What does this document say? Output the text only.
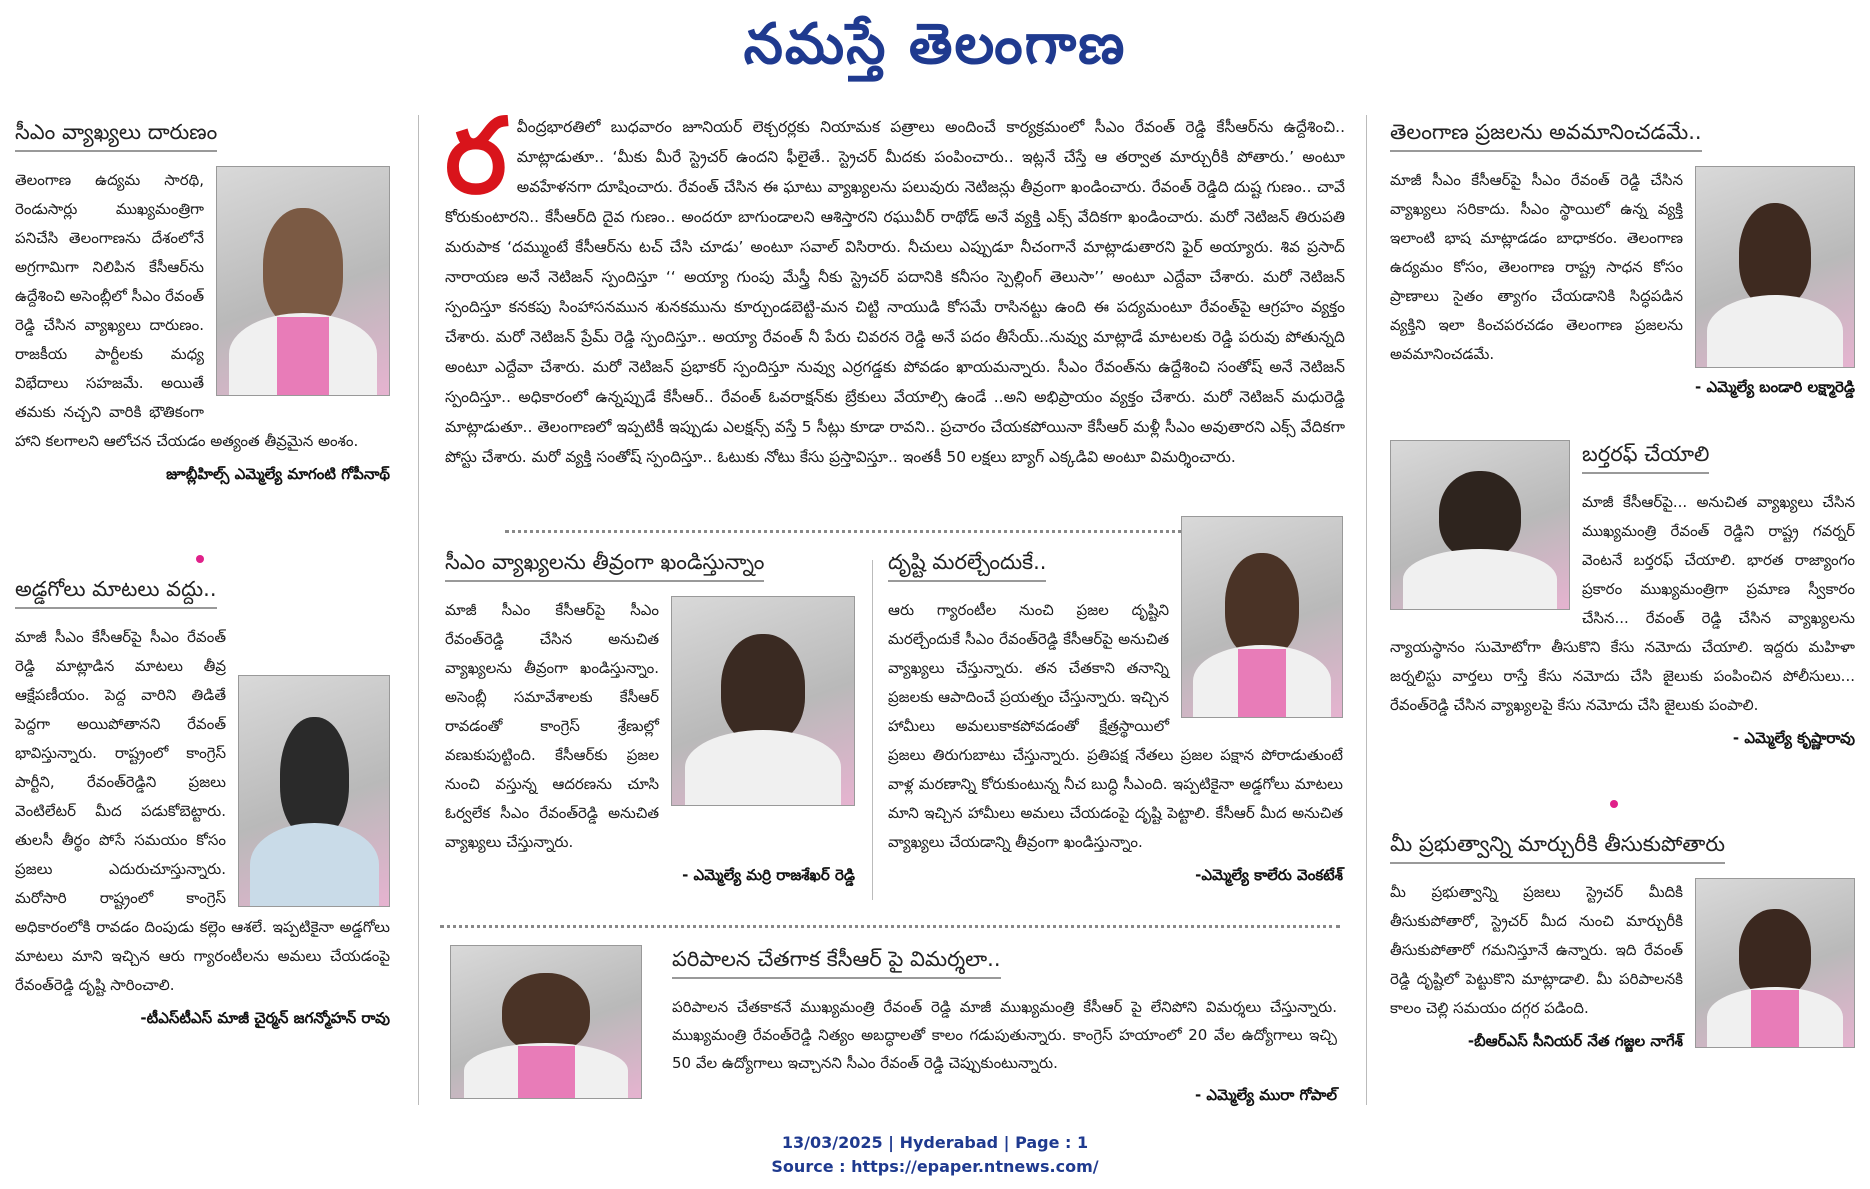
నమస్తే తెలంగాణ
సీఎం వ్యాఖ్యలు దారుణం
తెలంగాణ ఉద్యమ సారథి, రెండుసార్లు ముఖ్యమంత్రిగా పనిచేసి తెలంగాణను దేశంలోనే అగ్రగామిగా నిలిపిన కేసీఆర్‌ను ఉద్దేశించి అసెంబ్లీలో సీఎం రేవంత్ రెడ్డి చేసిన వ్యాఖ్యలు దారుణం. రాజకీయ పార్టీలకు మధ్య విభేదాలు సహజమే. అయితే తమకు నచ్చని వారికి భౌతికంగా హాని కలగాలని ఆలోచన చేయడం అత్యంత తీవ్రమైన అంశం.
జూబ్లీహిల్స్ ఎమ్మెల్యే మాగంటి గోపీనాథ్
అడ్డగోలు మాటలు వద్దు..
మాజీ సీఎం కేసీఆర్‌పై సీఎం రేవంత్ రెడ్డి మాట్లాడిన మాటలు తీవ్ర ఆక్షేపణీయం. పెద్ద వారిని తిడితే పెద్దగా అయిపోతానని రేవంత్ భావిస్తున్నారు. రాష్ట్రంలో కాంగ్రెస్ పార్టీని, రేవంత్‌రెడ్డిని ప్రజలు వెంటిలేటర్ మీద పడుకోబెట్టారు. తులసీ తీర్థం పోసే సమయం కోసం ప్రజలు ఎదురుచూస్తున్నారు. మరోసారి రాష్ట్రంలో కాంగ్రెస్ అధికారంలోకి రావడం దింపుడు కల్లెం ఆశలే. ఇప్పటికైనా అడ్డగోలు మాటలు మాని ఇచ్చిన ఆరు గ్యారంటీలను అమలు చేయడంపై రేవంత్‌రెడ్డి దృష్టి సారించాలి.
-టీఎస్‌టీఎస్ మాజీ చైర్మన్ జగన్మోహన్ రావు
ర వీంద్రభారతిలో బుధవారం జూనియర్ లెక్చరర్లకు నియామక పత్రాలు అందించే కార్యక్రమంలో సీఎం రేవంత్ రెడ్డి కేసీఆర్‌ను ఉద్దేశించి.. మాట్లాడుతూ.. ‘మీకు మీరే స్ట్రెచర్ ఉందని ఫీలైతే.. స్ట్రెచర్ మీదకు పంపించారు.. ఇట్లనే చేస్తే ఆ తర్వాత మార్చురీకి పోతారు.’ అంటూ అవహేళనగా దూషించారు. రేవంత్ చేసిన ఈ ఘాటు వ్యాఖ్యలను పలువురు నెటిజన్లు తీవ్రంగా ఖండించారు. రేవంత్ రెడ్డిది దుష్ట గుణం.. చావే కోరుకుంటారని.. కేసీఆర్‌ది దైవ గుణం.. అందరూ బాగుండాలని ఆశిస్తారని రఘువీర్ రాథోడ్ అనే వ్యక్తి ఎక్స్ వేదికగా ఖండించారు. మరో నెటిజన్ తిరుపతి మరుపాక ‘దమ్ముంటే కేసీఆర్‌ను టచ్ చేసి చూడు’ అంటూ సవాల్ విసిరారు. నీచులు ఎప్పుడూ నీచంగానే మాట్లాడుతారని ఫైర్ అయ్యారు. శివ ప్రసాద్ నారాయణ అనే నెటిజన్ స్పందిస్తూ ‘‘ అయ్యా గుంపు మేస్త్రీ నీకు స్ట్రెచర్ పదానికి కనీసం స్పెల్లింగ్ తెలుసా’’ అంటూ ఎద్దేవా చేశారు. మరో నెటిజన్ స్పందిస్తూ కనకపు సింహాసనమున శునకమును కూర్చుండబెట్టి-మన చిట్టి నాయుడి కోసమే రాసినట్టు ఉంది ఈ పద్యమంటూ రేవంత్‌పై ఆగ్రహం వ్యక్తం చేశారు. మరో నెటిజన్ ప్రేమ్ రెడ్డి స్పందిస్తూ.. అయ్యా రేవంత్ నీ పేరు చివరన రెడ్డి అనే పదం తీసేయ్..నువ్వు మాట్లాడే మాటలకు రెడ్డి పరువు పోతున్నది అంటూ ఎద్దేవా చేశారు. మరో నెటిజన్ ప్రభాకర్ స్పందిస్తూ నువ్వు ఎర్రగడ్డకు పోవడం ఖాయమన్నారు. సీఎం రేవంత్‌ను ఉద్దేశించి సంతోష్ అనే నెటిజన్ స్పందిస్తూ.. అధికారంలో ఉన్నప్పుడే కేసీఆర్.. రేవంత్ ఓవరాక్షన్‌కు బ్రేకులు వేయాల్సి ఉండే ..అని అభిప్రాయం వ్యక్తం చేశారు. మరో నెటిజన్ మధురెడ్డి మాట్లాడుతూ.. తెలంగాణలో ఇప్పటికీ ఇప్పుడు ఎలక్షన్స్ వస్తే 5 సీట్లు కూడా రావని.. ప్రచారం చేయకపోయినా కేసీఆర్ మళ్లీ సీఎం అవుతారని ఎక్స్ వేదికగా పోస్టు చేశారు. మరో వ్యక్తి సంతోష్ స్పందిస్తూ.. ఓటుకు నోటు కేసు ప్రస్తావిస్తూ.. ఇంతకీ 50 లక్షలు బ్యాగ్ ఎక్కడివి అంటూ విమర్శించారు.
సీఎం వ్యాఖ్యలను తీవ్రంగా ఖండిస్తున్నాం
మాజీ సీఎం కేసీఆర్‌పై సీఎం రేవంత్‌రెడ్డి చేసిన అనుచిత వ్యాఖ్యలను తీవ్రంగా ఖండిస్తున్నాం. అసెంబ్లీ సమావేశాలకు కేసీఆర్ రావడంతో కాంగ్రెస్ శ్రేణుల్లో వణుకుపుట్టింది. కేసీఆర్‌కు ప్రజల నుంచి వస్తున్న ఆదరణను చూసి ఓర్వలేక సీఎం రేవంత్‌రెడ్డి అనుచిత వ్యాఖ్యలు చేస్తున్నారు.
- ఎమ్మెల్యే మర్రి రాజశేఖర్ రెడ్డి
దృష్టి మరల్చేందుకే..
ఆరు గ్యారంటీల నుంచి ప్రజల దృష్టిని మరల్చేందుకే సీఎం రేవంత్‌రెడ్డి కేసీఆర్‌పై అనుచిత వ్యాఖ్యలు చేస్తున్నారు. తన చేతకాని తనాన్ని ప్రజలకు ఆపాదించే ప్రయత్నం చేస్తున్నారు. ఇచ్చిన హామీలు అమలుకాకపోవడంతో క్షేత్రస్థాయిలో ప్రజలు తిరుగుబాటు చేస్తున్నారు. ప్రతిపక్ష నేతలు ప్రజల పక్షాన పోరాడుతుంటే వాళ్ల మరణాన్ని కోరుకుంటున్న నీచ బుద్ధి సీఎంది. ఇప్పటికైనా అడ్డగోలు మాటలు మాని ఇచ్చిన హామీలు అమలు చేయడంపై దృష్టి పెట్టాలి. కేసీఆర్ మీద అనుచిత వ్యాఖ్యలు చేయడాన్ని తీవ్రంగా ఖండిస్తున్నాం.
-ఎమ్మెల్యే కాలేరు వెంకటేశ్
పరిపాలన చేతగాక కేసీఆర్ పై విమర్శలా..
పరిపాలన చేతకాకనే ముఖ్యమంత్రి రేవంత్ రెడ్డి మాజీ ముఖ్యమంత్రి కేసీఆర్ పై లేనిపోని విమర్శలు చేస్తున్నారు. ముఖ్యమంత్రి రేవంత్‌రెడ్డి నిత్యం అబద్ధాలతో కాలం గడుపుతున్నారు. కాంగ్రెస్ హయాంలో 20 వేల ఉద్యోగాలు ఇచ్చి 50 వేల ఉద్యోగాలు ఇచ్చానని సీఎం రేవంత్ రెడ్డి చెప్పుకుంటున్నారు.
- ఎమ్మెల్యే మురా గోపాల్
తెలంగాణ ప్రజలను అవమానించడమే..
మాజీ సీఎం కేసీఆర్‌పై సీఎం రేవంత్ రెడ్డి చేసిన వ్యాఖ్యలు సరికాదు. సీఎం స్థాయిలో ఉన్న వ్యక్తి ఇలాంటి భాష మాట్లాడడం బాధాకరం. తెలంగాణ ఉద్యమం కోసం, తెలంగాణ రాష్ట్ర సాధన కోసం ప్రాణాలు సైతం త్యాగం చేయడానికి సిద్ధపడిన వ్యక్తిని ఇలా కించపరచడం తెలంగాణ ప్రజలను అవమానించడమే.
- ఎమ్మెల్యే బండారి లక్ష్మారెడ్డి
బర్తరఫ్ చేయాలి
మాజీ కేసీఆర్‌పై... అనుచిత వ్యాఖ్యలు చేసిన ముఖ్యమంత్రి రేవంత్ రెడ్డిని రాష్ట్ర గవర్నర్ వెంటనే బర్తరఫ్ చేయాలి. భారత రాజ్యాంగం ప్రకారం ముఖ్యమంత్రిగా ప్రమాణ స్వీకారం చేసిన... రేవంత్ రెడ్డి చేసిన వ్యాఖ్యలను న్యాయస్థానం సుమోటోగా తీసుకొని కేసు నమోదు చేయాలి. ఇద్దరు మహిళా జర్నలిస్టు వార్తలు రాస్తే కేసు నమోదు చేసి జైలుకు పంపించిన పోలీసులు... రేవంత్‌రెడ్డి చేసిన వ్యాఖ్యలపై కేసు నమోదు చేసి జైలుకు పంపాలి.
- ఎమ్మెల్యే కృష్ణారావు
మీ ప్రభుత్వాన్ని మార్చురీకి తీసుకుపోతారు
మీ ప్రభుత్వాన్ని ప్రజలు స్ట్రెచర్ మీదికి తీసుకుపోతారో, స్ట్రెచర్ మీద నుంచి మార్చురీకి తీసుకుపోతారో గమనిస్తూనే ఉన్నారు. ఇది రేవంత్ రెడ్డి దృష్టిలో పెట్టుకొని మాట్లాడాలి. మీ పరిపాలనకి కాలం చెల్లి సమయం దగ్గర పడింది.
-బీఆర్ఎస్ సీనియర్ నేత గజ్జల నాగేశ్
13/03/2025 | Hyderabad | Page : 1
Source : https://epaper.ntnews.com/
